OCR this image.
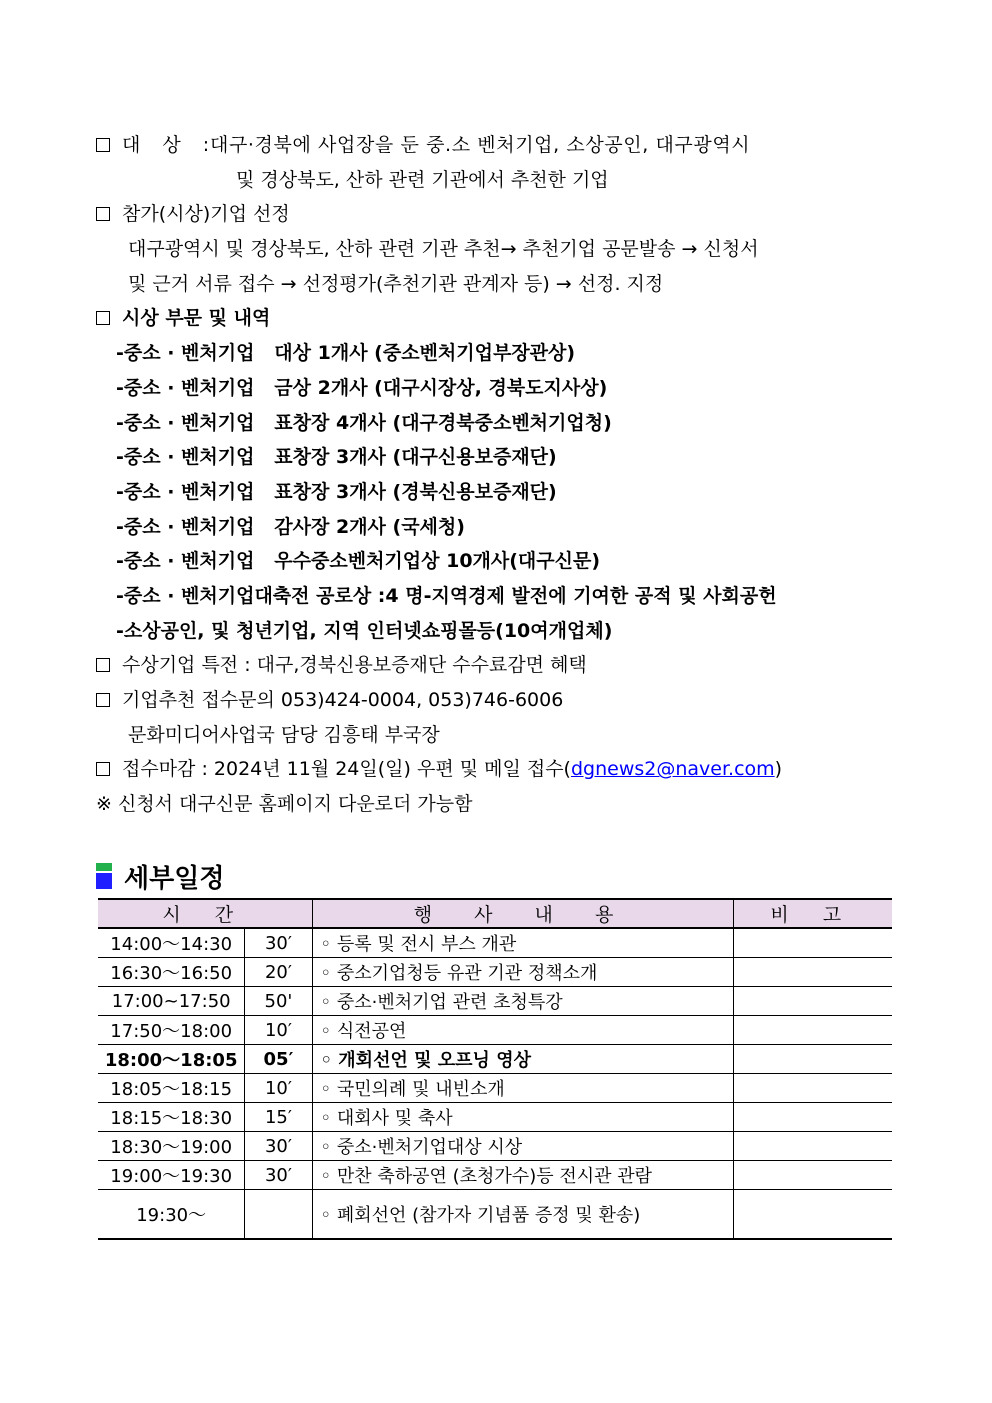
대 상 :대구·경북에 사업장을 둔 중.소 벤처기업, 소상공인, 대구광역시
및 경상북도, 산하 관련 기관에서 추천한 기업
참가(시상)기업 선정
대구광역시 및 경상북도, 산하 관련 기관 추천→ 추천기업 공문발송 → 신청서
및 근거 서류 접수 → 선정평가(추천기관 관계자 등) → 선정. 지정
시상 부문 및 내역
-중소 · 벤처기업   대상 1개사 (중소벤처기업부장관상)
-중소 · 벤처기업   금상 2개사 (대구시장상, 경북도지사상)
-중소 · 벤처기업   표창장 4개사 (대구경북중소벤처기업청)
-중소 · 벤처기업   표창장 3개사 (대구신용보증재단)
-중소 · 벤처기업   표창장 3개사 (경북신용보증재단)
-중소 · 벤처기업   감사장 2개사 (국세청)
-중소 · 벤처기업   우수중소벤처기업상 10개사(대구신문)
-중소 · 벤처기업대축전 공로상 :4 명-지역경제 발전에 기여한 공적 및 사회공헌
-소상공인, 및 청년기업, 지역 인터넷쇼핑몰등(10여개업체)
수상기업 특전 : 대구,경북신용보증재단 수수료감면 혜택
기업추천 접수문의 053)424-0004, 053)746-6006
문화미디어사업국 담당 김흥태 부국장
접수마감 : 2024년 11월 24일(일) 우편 및 메일 접수(dgnews2@naver.com)
※ 신청서 대구신문 홈페이지 다운로더 가능함
세부일정
시 간		행 사 내 용	비 고
14:00～14:30	30′	◦ 등록 및 전시 부스 개관	
16:30～16:50	20′	◦ 중소기업청등 유관 기관 정책소개	
17:00~17:50	50'	◦ 중소·벤처기업 관련 초청특강	
17:50～18:00	10′	◦ 식전공연	
18:00～18:05	05′	◦ 개회선언 및 오프닝 영상	
18:05～18:15	10′	◦ 국민의례 및 내빈소개	
18:15～18:30	15′	◦ 대회사 및 축사	
18:30～19:00	30′	◦ 중소·벤처기업대상 시상	
19:00～19:30	30′	◦ 만찬 축하공연 (초청가수)등 전시관 관람	
19:30～		◦ 폐회선언 (참가자 기념품 증정 및 환송)	
